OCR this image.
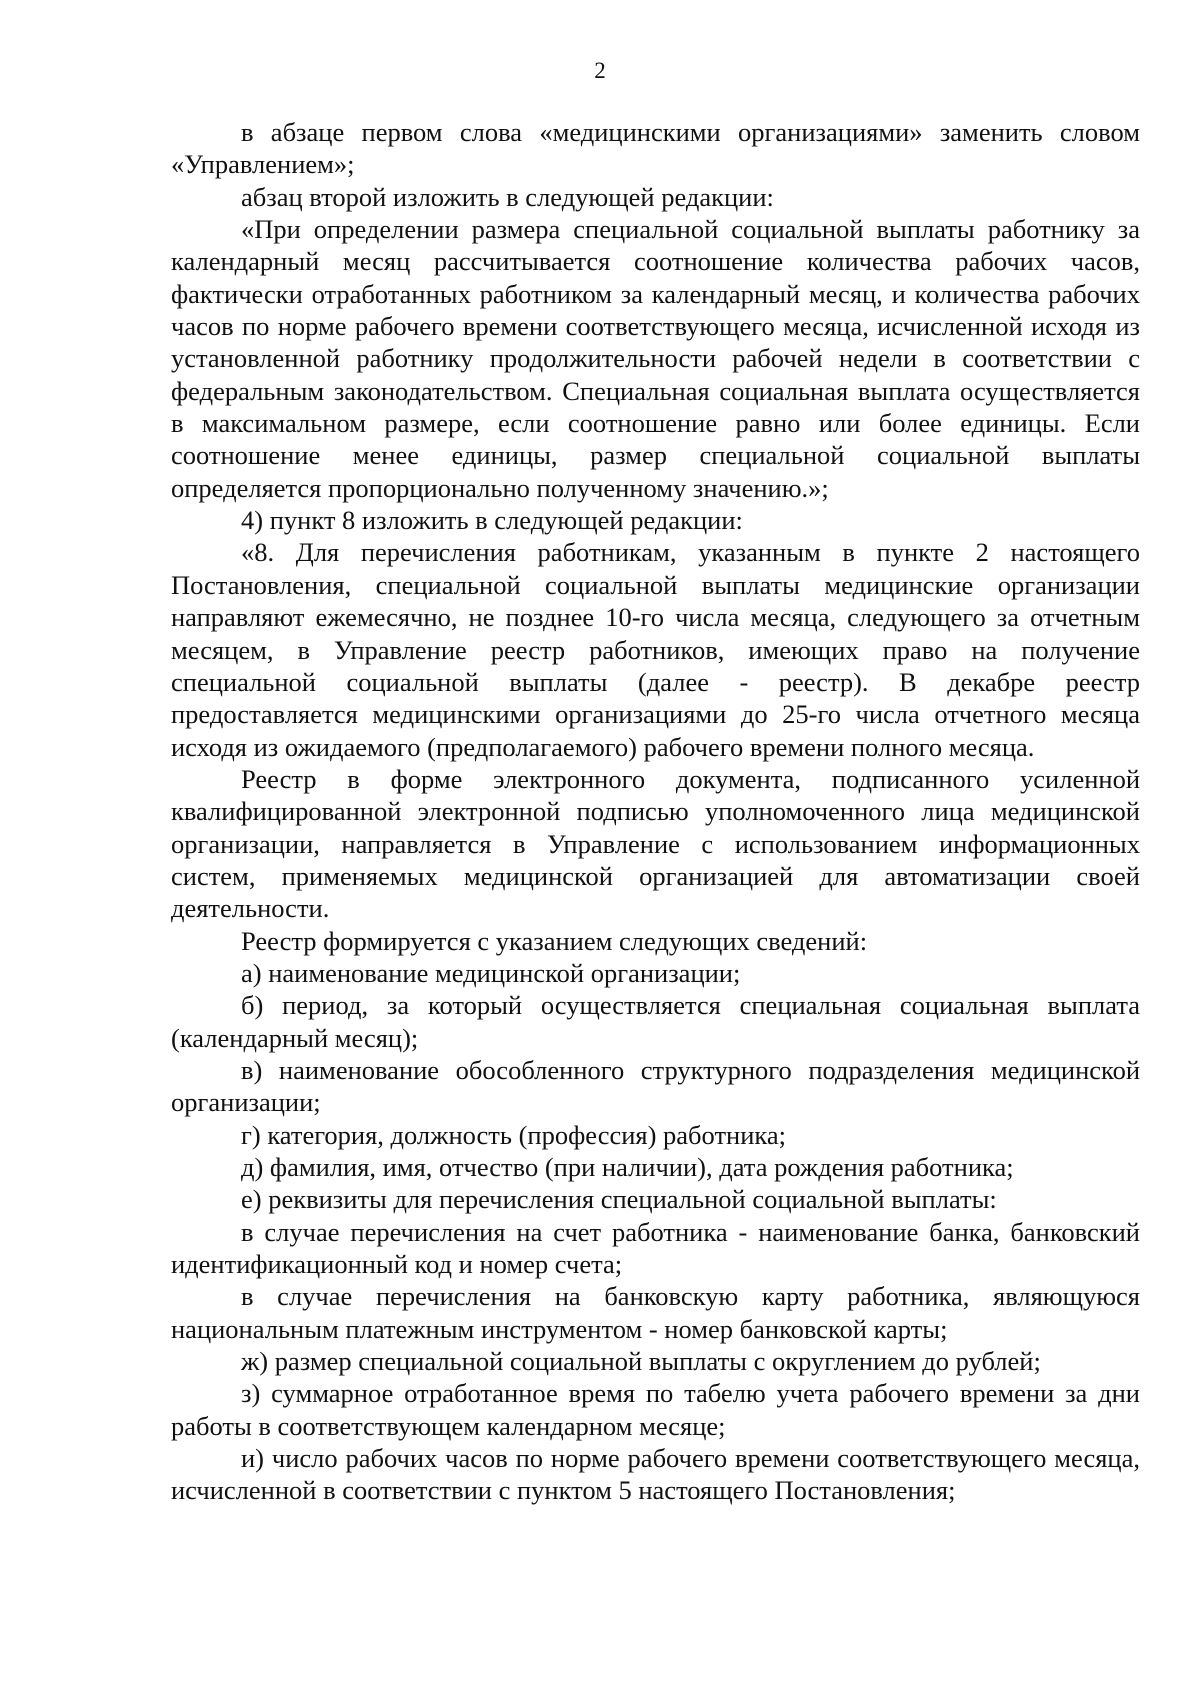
2

в абзаце первом слова «медицинскими организациями» заменить словом «Управлением»;

абзац второй изложить в следующей редакции:

«При определении размера специальной социальной выплаты работнику за календарный месяц рассчитывается соотношение количества рабочих часов, фактически отработанных работником за календарный месяц, и количества рабочих часов по норме рабочего времени соответствующего месяца, исчисленной исходя из установленной работнику продолжительности рабочей недели в соответствии с федеральным законодательством. Специальная социальная выплата осуществляется в максимальном размере, если соотношение равно или более единицы. Если соотношение менее единицы, размер специальной социальной выплаты определяется пропорционально полученному значению.»;

4) пункт 8 изложить в следующей редакции:

«8. Для перечисления работникам, указанным в пункте 2 настоящего Постановления, специальной социальной выплаты медицинские организации направляют ежемесячно, не позднее 10-го числа месяца, следующего за отчетным месяцем, в Управление реестр работников, имеющих право на получение специальной социальной выплаты (далее - реестр). В декабре реестр предоставляется медицинскими организациями до 25-го числа отчетного месяца исходя из ожидаемого (предполагаемого) рабочего времени полного месяца.

Реестр в форме электронного документа, подписанного усиленной квалифицированной электронной подписью уполномоченного лица медицинской организации, направляется в Управление с использованием информационных систем, применяемых медицинской организацией для автоматизации своей деятельности.

Реестр формируется с указанием следующих сведений:

а) наименование медицинской организации;

б) период, за который осуществляется специальная социальная выплата (календарный месяц);

в) наименование обособленного структурного подразделения медицинской организации;

г) категория, должность (профессия) работника;

д) фамилия, имя, отчество (при наличии), дата рождения работника;

е) реквизиты для перечисления специальной социальной выплаты:

в случае перечисления на счет работника - наименование банка, банковский идентификационный код и номер счета;

в случае перечисления на банковскую карту работника, являющуюся национальным платежным инструментом - номер банковской карты;

ж) размер специальной социальной выплаты с округлением до рублей;

з) суммарное отработанное время по табелю учета рабочего времени за дни работы в соответствующем календарном месяце;

и) число рабочих часов по норме рабочего времени соответствующего месяца, исчисленной в соответствии с пунктом 5 настоящего Постановления;
